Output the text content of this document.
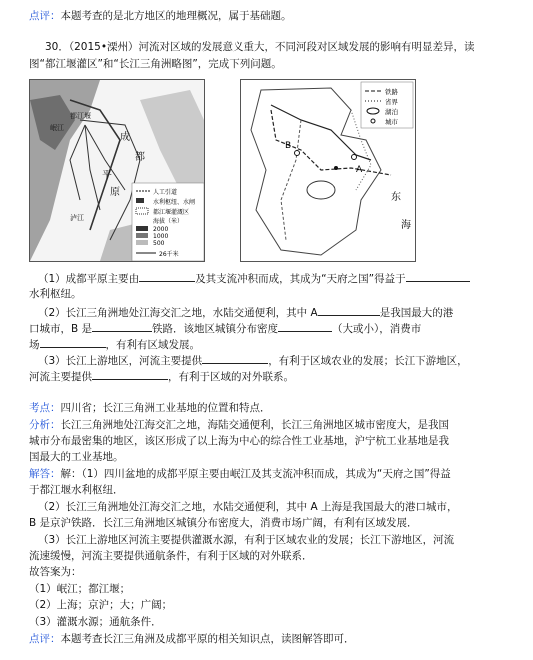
点评：本题考查的是北方地区的地理概况，属于基础题。
30．（2015•溧州）河流对区域的发展意义重大，不同河段对区域发展的影响有明显差异，读
图“都江堰灌区”和“长江三角洲略图”，完成下列问题。
成
都
平
原
岷江
都江堰
泸江
人工引道
水利枢纽、水闸
都江堰灌溉区
海拔（米）
2000
1000
500
26千米
B
A
东
海
铁路
省界
湖泊
城市
（1）成都平原主要由	及其支流冲积而成，其成为“天府之国”得益于
水利枢纽。
（2）长江三角洲地处江海交汇之地，水陆交通便利，其中 A	是我国最大的港
口城市，B 是	铁路．该地区城镇分布密度	（大或小），消费市
场	，有利有区域发展。
（3）长江上游地区，河流主要提供	，有利于区域农业的发展；长江下游地区，
河流主要提供	，有利于区域的对外联系。
考点：四川省；长江三角洲工业基地的位置和特点．
分析：长江三角洲地处江海交汇之地，海陆交通便利，长江三角洲地区城市密度大，是我国
城市分布最密集的地区，该区形成了以上海为中心的综合性工业基地，沪宁杭工业基地是我
国最大的工业基地。
解答：解：（1）四川盆地的成都平原主要由岷江及其支流冲积而成，其成为“天府之国”得益
于都江堰水利枢纽．
（2）长江三角洲地处江海交汇之地，水陆交通便利，其中 A 上海是我国最大的港口城市，
B 是京沪铁路．长江三角洲地区城镇分布密度大，消费市场广阔，有利有区域发展．
（3）长江上游地区河流主要提供灌溉水源，有利于区域农业的发展；长江下游地区，河流
流速缓慢，河流主要提供通航条件，有利于区域的对外联系．
故答案为：
（1）岷江；都江堰；
（2）上海；京沪；大；广阔；
（3）灌溉水源；通航条件．
点评：本题考查长江三角洲及成都平原的相关知识点，读图解答即可．
